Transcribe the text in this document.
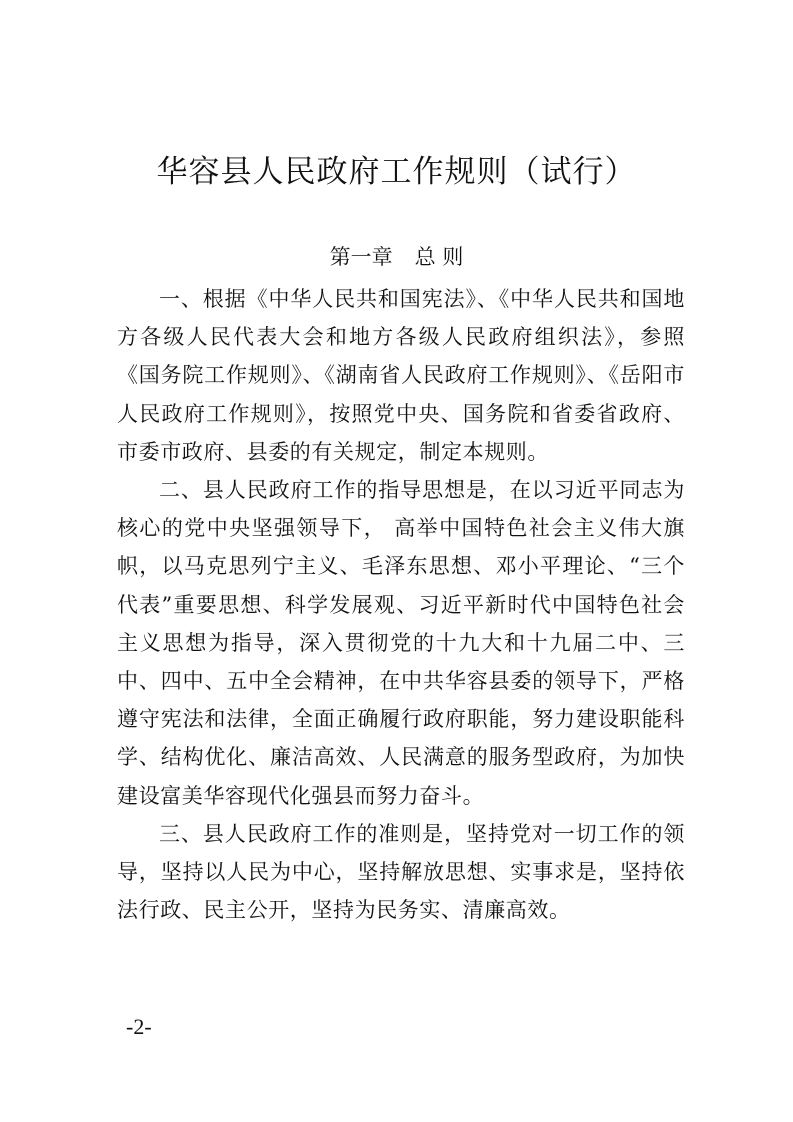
华容县人民政府工作规则（试行）
第一章 总 则

一、根据《中华人民共和国宪法》、《中华人民共和国地方各级人民代表大会和地方各级人民政府组织法》，参照《国务院工作规则》、《湖南省人民政府工作规则》、《岳阳市人民政府工作规则》，按照党中央、国务院和省委省政府、市委市政府、县委的有关规定，制定本规则。

二、县人民政府工作的指导思想是，在以习近平同志为核心的党中央坚强领导下， 高举中国特色社会主义伟大旗帜，以马克思列宁主义、毛泽东思想、邓小平理论、“三个代表”重要思想、科学发展观、习近平新时代中国特色社会主义思想为指导，深入贯彻党的十九大和十九届二中、三中、四中、五中全会精神，在中共华容县委的领导下，严格遵守宪法和法律，全面正确履行政府职能，努力建设职能科学、结构优化、廉洁高效、人民满意的服务型政府，为加快建设富美华容现代化强县而努力奋斗。

三、县人民政府工作的准则是，坚持党对一切工作的领导，坚持以人民为中心，坚持解放思想、实事求是，坚持依法行政、民主公开，坚持为民务实、清廉高效。

-2-
